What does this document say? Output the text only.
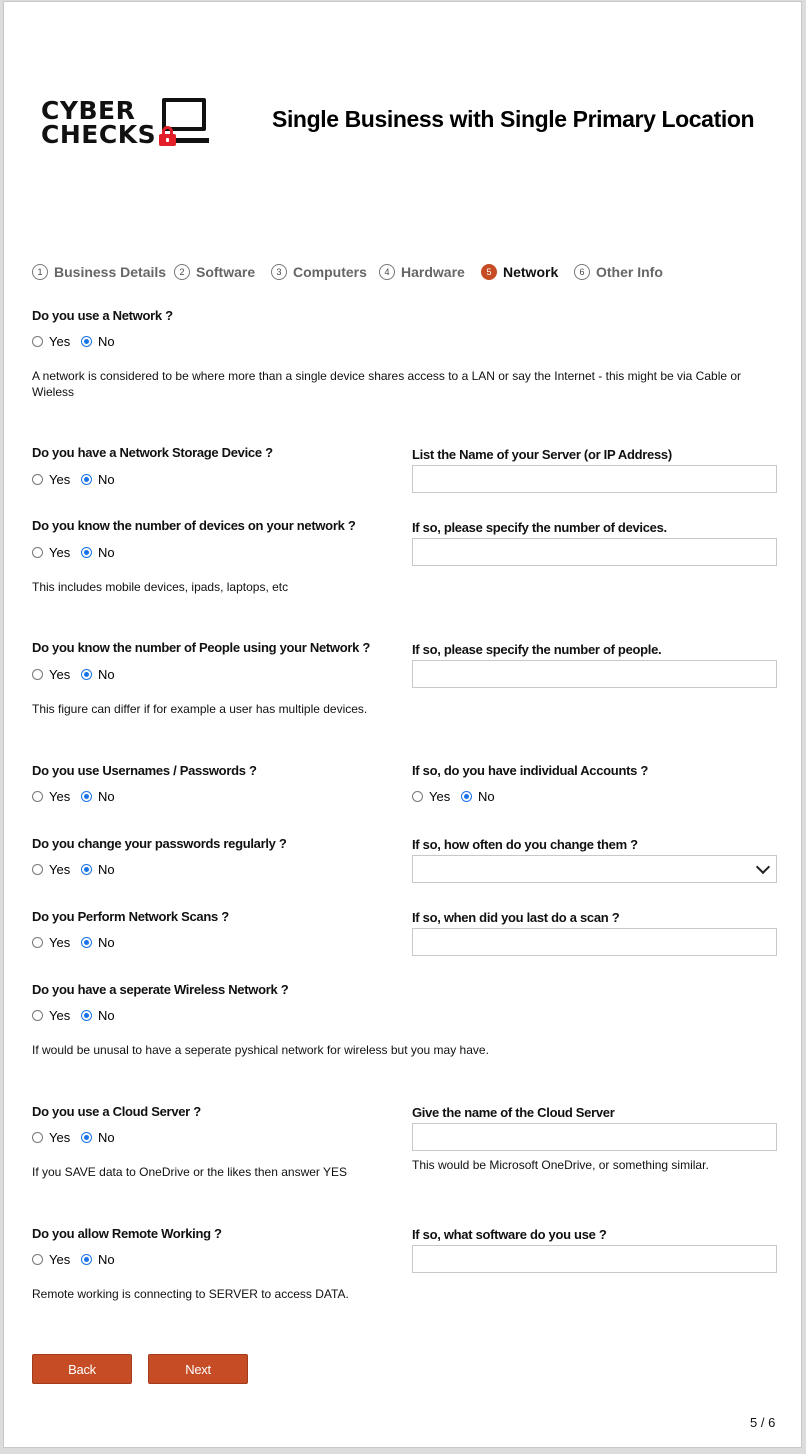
CYBER
CHECKS
Single Business with Single Primary Location
1 Business Details	2 Software	3 Computers	4 Hardware	5 Network	6 Other Info
Do you use a Network ?
Yes No
A network is considered to be where more than a single device shares access to a LAN or say the Internet - this might be via Cable or Wieless
Do you have a Network Storage Device ?
Yes No
List the Name of your Server (or IP Address)
Do you know the number of devices on your network ?
Yes No
If so, please specify the number of devices.
This includes mobile devices, ipads, laptops, etc
Do you know the number of People using your Network ?
Yes No
If so, please specify the number of people.
This figure can differ if for example a user has multiple devices.
Do you use Usernames / Passwords ?
Yes No
If so, do you have individual Accounts ?
Yes No
Do you change your passwords regularly ?
Yes No
If so, how often do you change them ?
Do you Perform Network Scans ?
Yes No
If so, when did you last do a scan ?
Do you have a seperate Wireless Network ?
Yes No
If would be unusal to have a seperate pyshical network for wireless but you may have.
Do you use a Cloud Server ?
Yes No
Give the name of the Cloud Server
This would be Microsoft OneDrive, or something similar.
If you SAVE data to OneDrive or the likes then answer YES
Do you allow Remote Working ?
Yes No
If so, what software do you use ?
Remote working is connecting to SERVER to access DATA.
Back	Next
5 / 6
